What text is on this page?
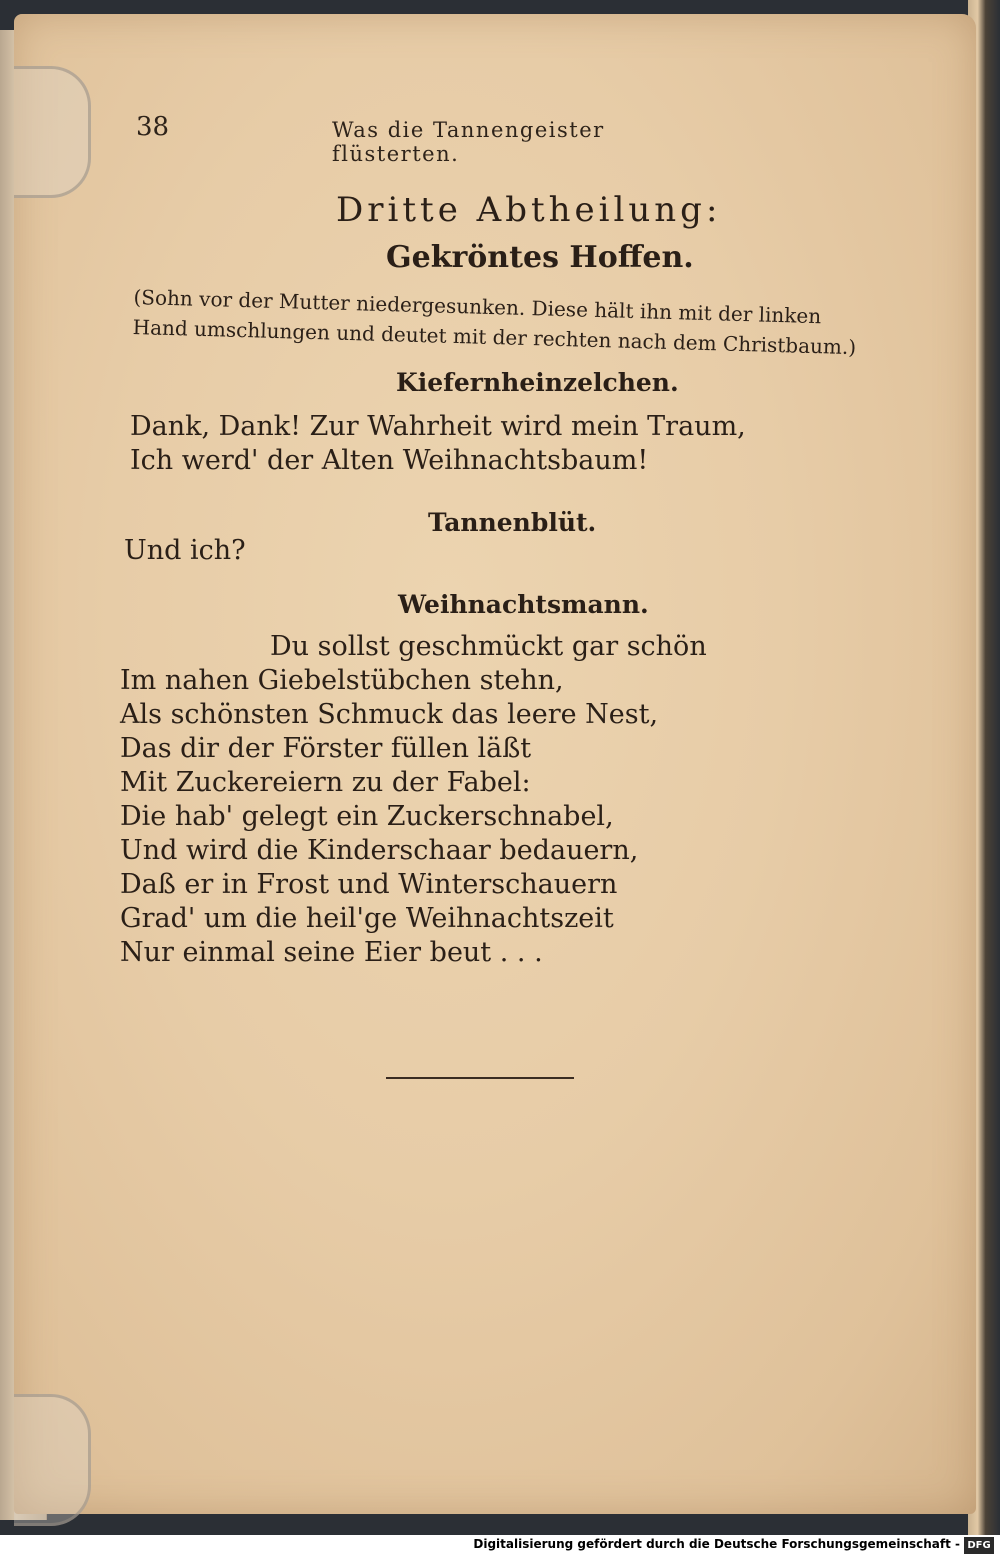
38	Was die Tannengeister flüsterten.
Dritte Abtheilung:
Gekröntes Hoffen.
(Sohn vor der Mutter niedergesunken. Diese hält ihn mit der linken Hand umschlungen und deutet mit der rechten nach dem Christbaum.)
Kiefernheinzelchen.
Dank, Dank! Zur Wahrheit wird mein Traum,
Ich werd' der Alten Weihnachtsbaum!
Tannenblüt.
Und ich?
Weihnachtsmann.
Du sollst geschmückt gar schön
Im nahen Giebelstübchen stehn,
Als schönsten Schmuck das leere Nest,
Das dir der Förster füllen läßt
Mit Zuckereiern zu der Fabel:
Die hab' gelegt ein Zuckerschnabel,
Und wird die Kinderschaar bedauern,
Daß er in Frost und Winterschauern
Grad' um die heil'ge Weihnachtszeit
Nur einmal seine Eier beut . . .
Digitalisierung gefördert durch die Deutsche Forschungsgemeinschaft - DFG
